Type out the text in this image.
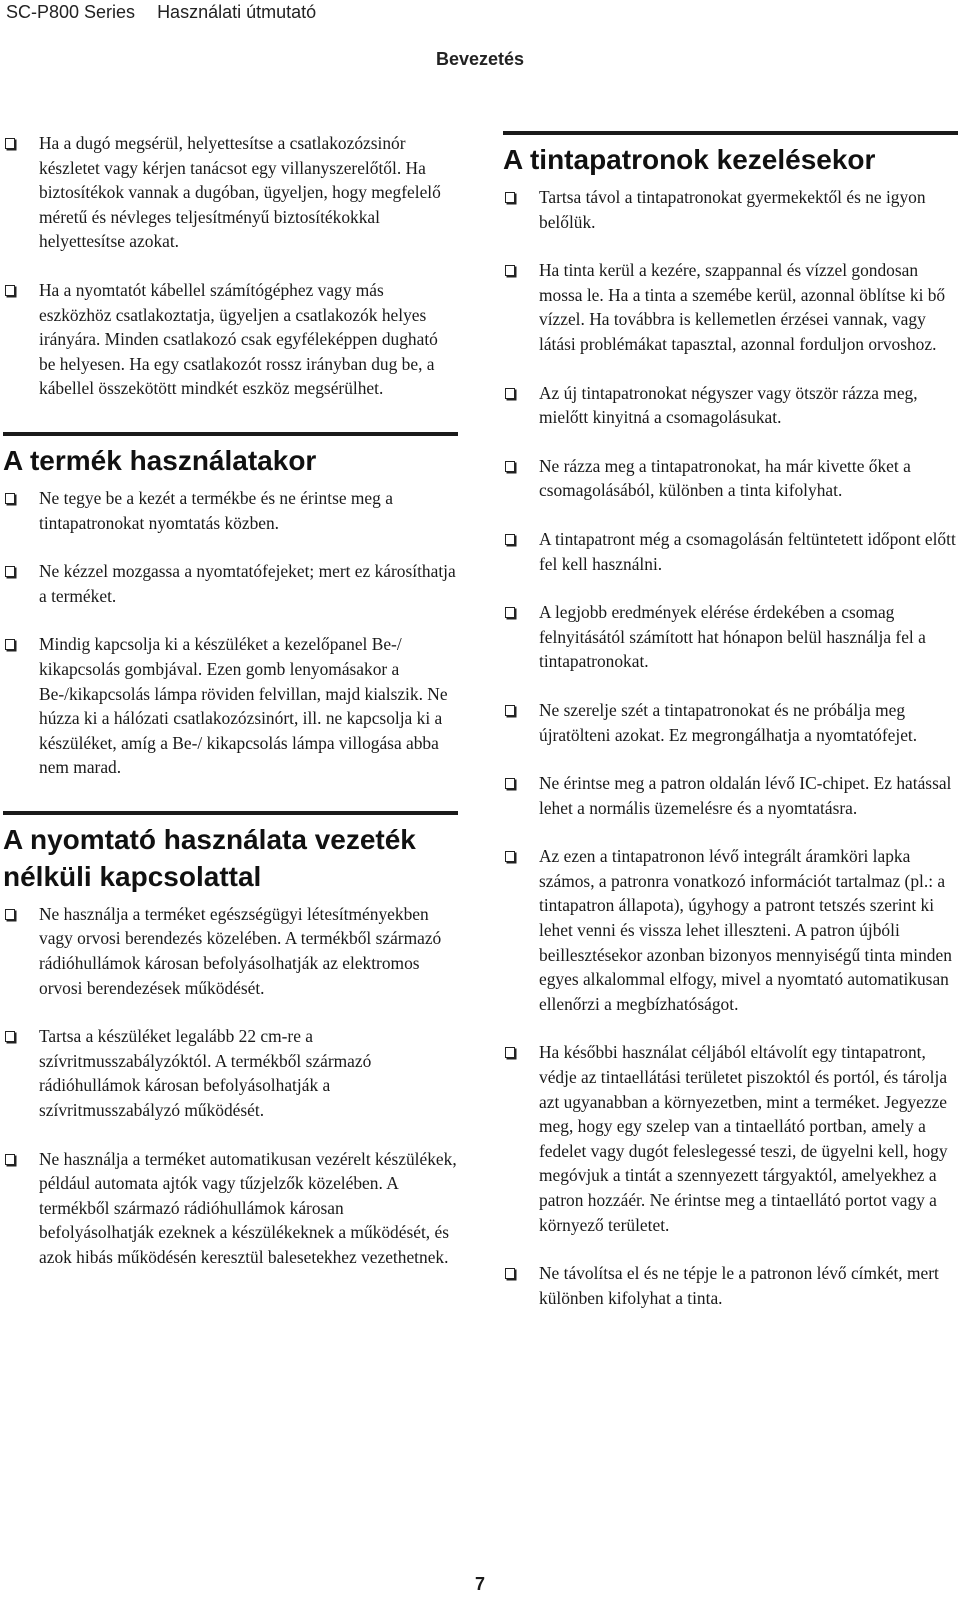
SC-P800 Series Használati útmutató
Bevezetés

Ha a dugó megsérül, helyettesítse a csatlakozózsinór készletet vagy kérjen tanácsot egy villanyszerelőtől. Ha biztosítékok vannak a dugóban, ügyeljen, hogy megfelelő méretű és névleges teljesítményű biztosítékokkal helyettesítse azokat.

Ha a nyomtatót kábellel számítógéphez vagy más eszközhöz csatlakoztatja, ügyeljen a csatlakozók helyes irányára. Minden csatlakozó csak egyféleképpen dugható be helyesen. Ha egy csatlakozót rossz irányban dug be, a kábellel összekötött mindkét eszköz megsérülhet.

A termék használatakor

Ne tegye be a kezét a termékbe és ne érintse meg a tintapatronokat nyomtatás közben.

Ne kézzel mozgassa a nyomtatófejeket; mert ez károsíthatja a terméket.

Mindig kapcsolja ki a készüléket a kezelőpanel Be-/ kikapcsolás gombjával. Ezen gomb lenyomásakor a Be-/kikapcsolás lámpa röviden felvillan, majd kialszik. Ne húzza ki a hálózati csatlakozózsinórt, ill. ne kapcsolja ki a készüléket, amíg a Be-/ kikapcsolás lámpa villogása abba nem marad.

A nyomtató használata vezeték nélküli kapcsolattal

Ne használja a terméket egészségügyi létesítményekben vagy orvosi berendezés közelében. A termékből származó rádióhullámok károsan befolyásolhatják az elektromos orvosi berendezések működését.

Tartsa a készüléket legalább 22 cm-re a szívritmusszabályzóktól. A termékből származó rádióhullámok károsan befolyásolhatják a szívritmusszabályzó működését.

Ne használja a terméket automatikusan vezérelt készülékek, például automata ajtók vagy tűzjelzők közelében. A termékből származó rádióhullámok károsan befolyásolhatják ezeknek a készülékeknek a működését, és azok hibás működésén keresztül balesetekhez vezethetnek.

A tintapatronok kezelésekor

Tartsa távol a tintapatronokat gyermekektől és ne igyon belőlük.

Ha tinta kerül a kezére, szappannal és vízzel gondosan mossa le. Ha a tinta a szemébe kerül, azonnal öblítse ki bő vízzel. Ha továbbra is kellemetlen érzései vannak, vagy látási problémákat tapasztal, azonnal forduljon orvoshoz.

Az új tintapatronokat négyszer vagy ötször rázza meg, mielőtt kinyitná a csomagolásukat.

Ne rázza meg a tintapatronokat, ha már kivette őket a csomagolásából, különben a tinta kifolyhat.

A tintapatront még a csomagolásán feltüntetett időpont előtt fel kell használni.

A legjobb eredmények elérése érdekében a csomag felnyitásától számított hat hónapon belül használja fel a tintapatronokat.

Ne szerelje szét a tintapatronokat és ne próbálja meg újratölteni azokat. Ez megrongálhatja a nyomtatófejet.

Ne érintse meg a patron oldalán lévő IC-chipet. Ez hatással lehet a normális üzemelésre és a nyomtatásra.

Az ezen a tintapatronon lévő integrált áramköri lapka számos, a patronra vonatkozó információt tartalmaz (pl.: a tintapatron állapota), úgyhogy a patront tetszés szerint ki lehet venni és vissza lehet illeszteni. A patron újbóli beillesztésekor azonban bizonyos mennyiségű tinta minden egyes alkalommal elfogy, mivel a nyomtató automatikusan ellenőrzi a megbízhatóságot.

Ha későbbi használat céljából eltávolít egy tintapatront, védje az tintaellátási területet piszoktól és portól, és tárolja azt ugyanabban a környezetben, mint a terméket. Jegyezze meg, hogy egy szelep van a tintaellátó portban, amely a fedelet vagy dugót feleslegessé teszi, de ügyelni kell, hogy megóvjuk a tintát a szennyezett tárgyaktól, amelyekhez a patron hozzáér. Ne érintse meg a tintaellátó portot vagy a környező területet.

Ne távolítsa el és ne tépje le a patronon lévő címkét, mert különben kifolyhat a tinta.

7
